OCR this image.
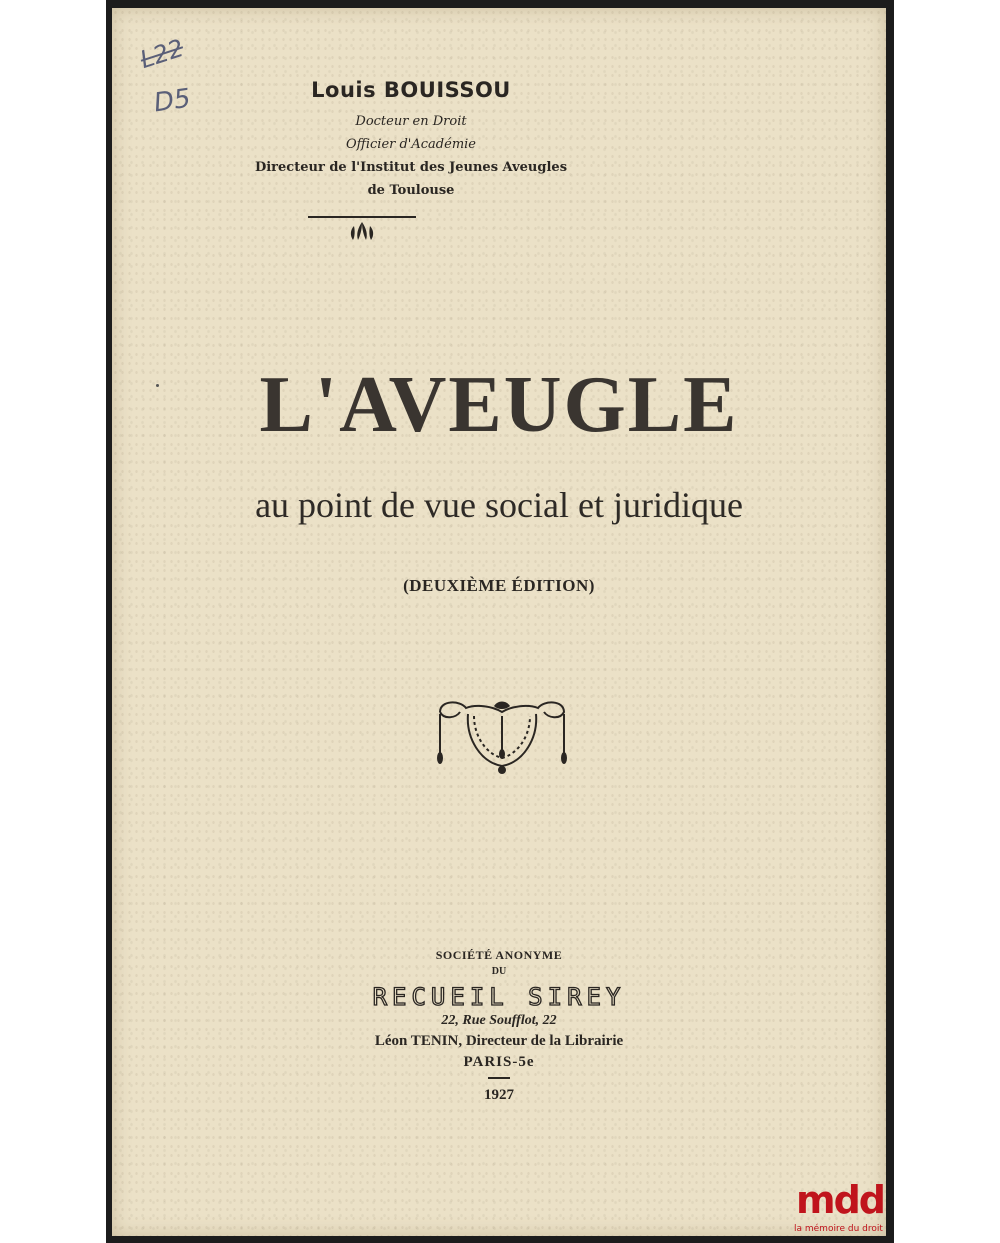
L22
D5	Louis BOUISSOU
Docteur en Droit
Officier d'Académie
Directeur de l'Institut des Jeunes Aveugles
de Toulouse
L'AVEUGLE
au point de vue social et juridique
(DEUXIÈME ÉDITION)
SOCIÉTÉ ANONYME
DU
RECUEIL SIREY
22, Rue Soufflot, 22
Léon TENIN, Directeur de la Librairie
PARIS-5e
1927
mdd
la mémoire du droit
